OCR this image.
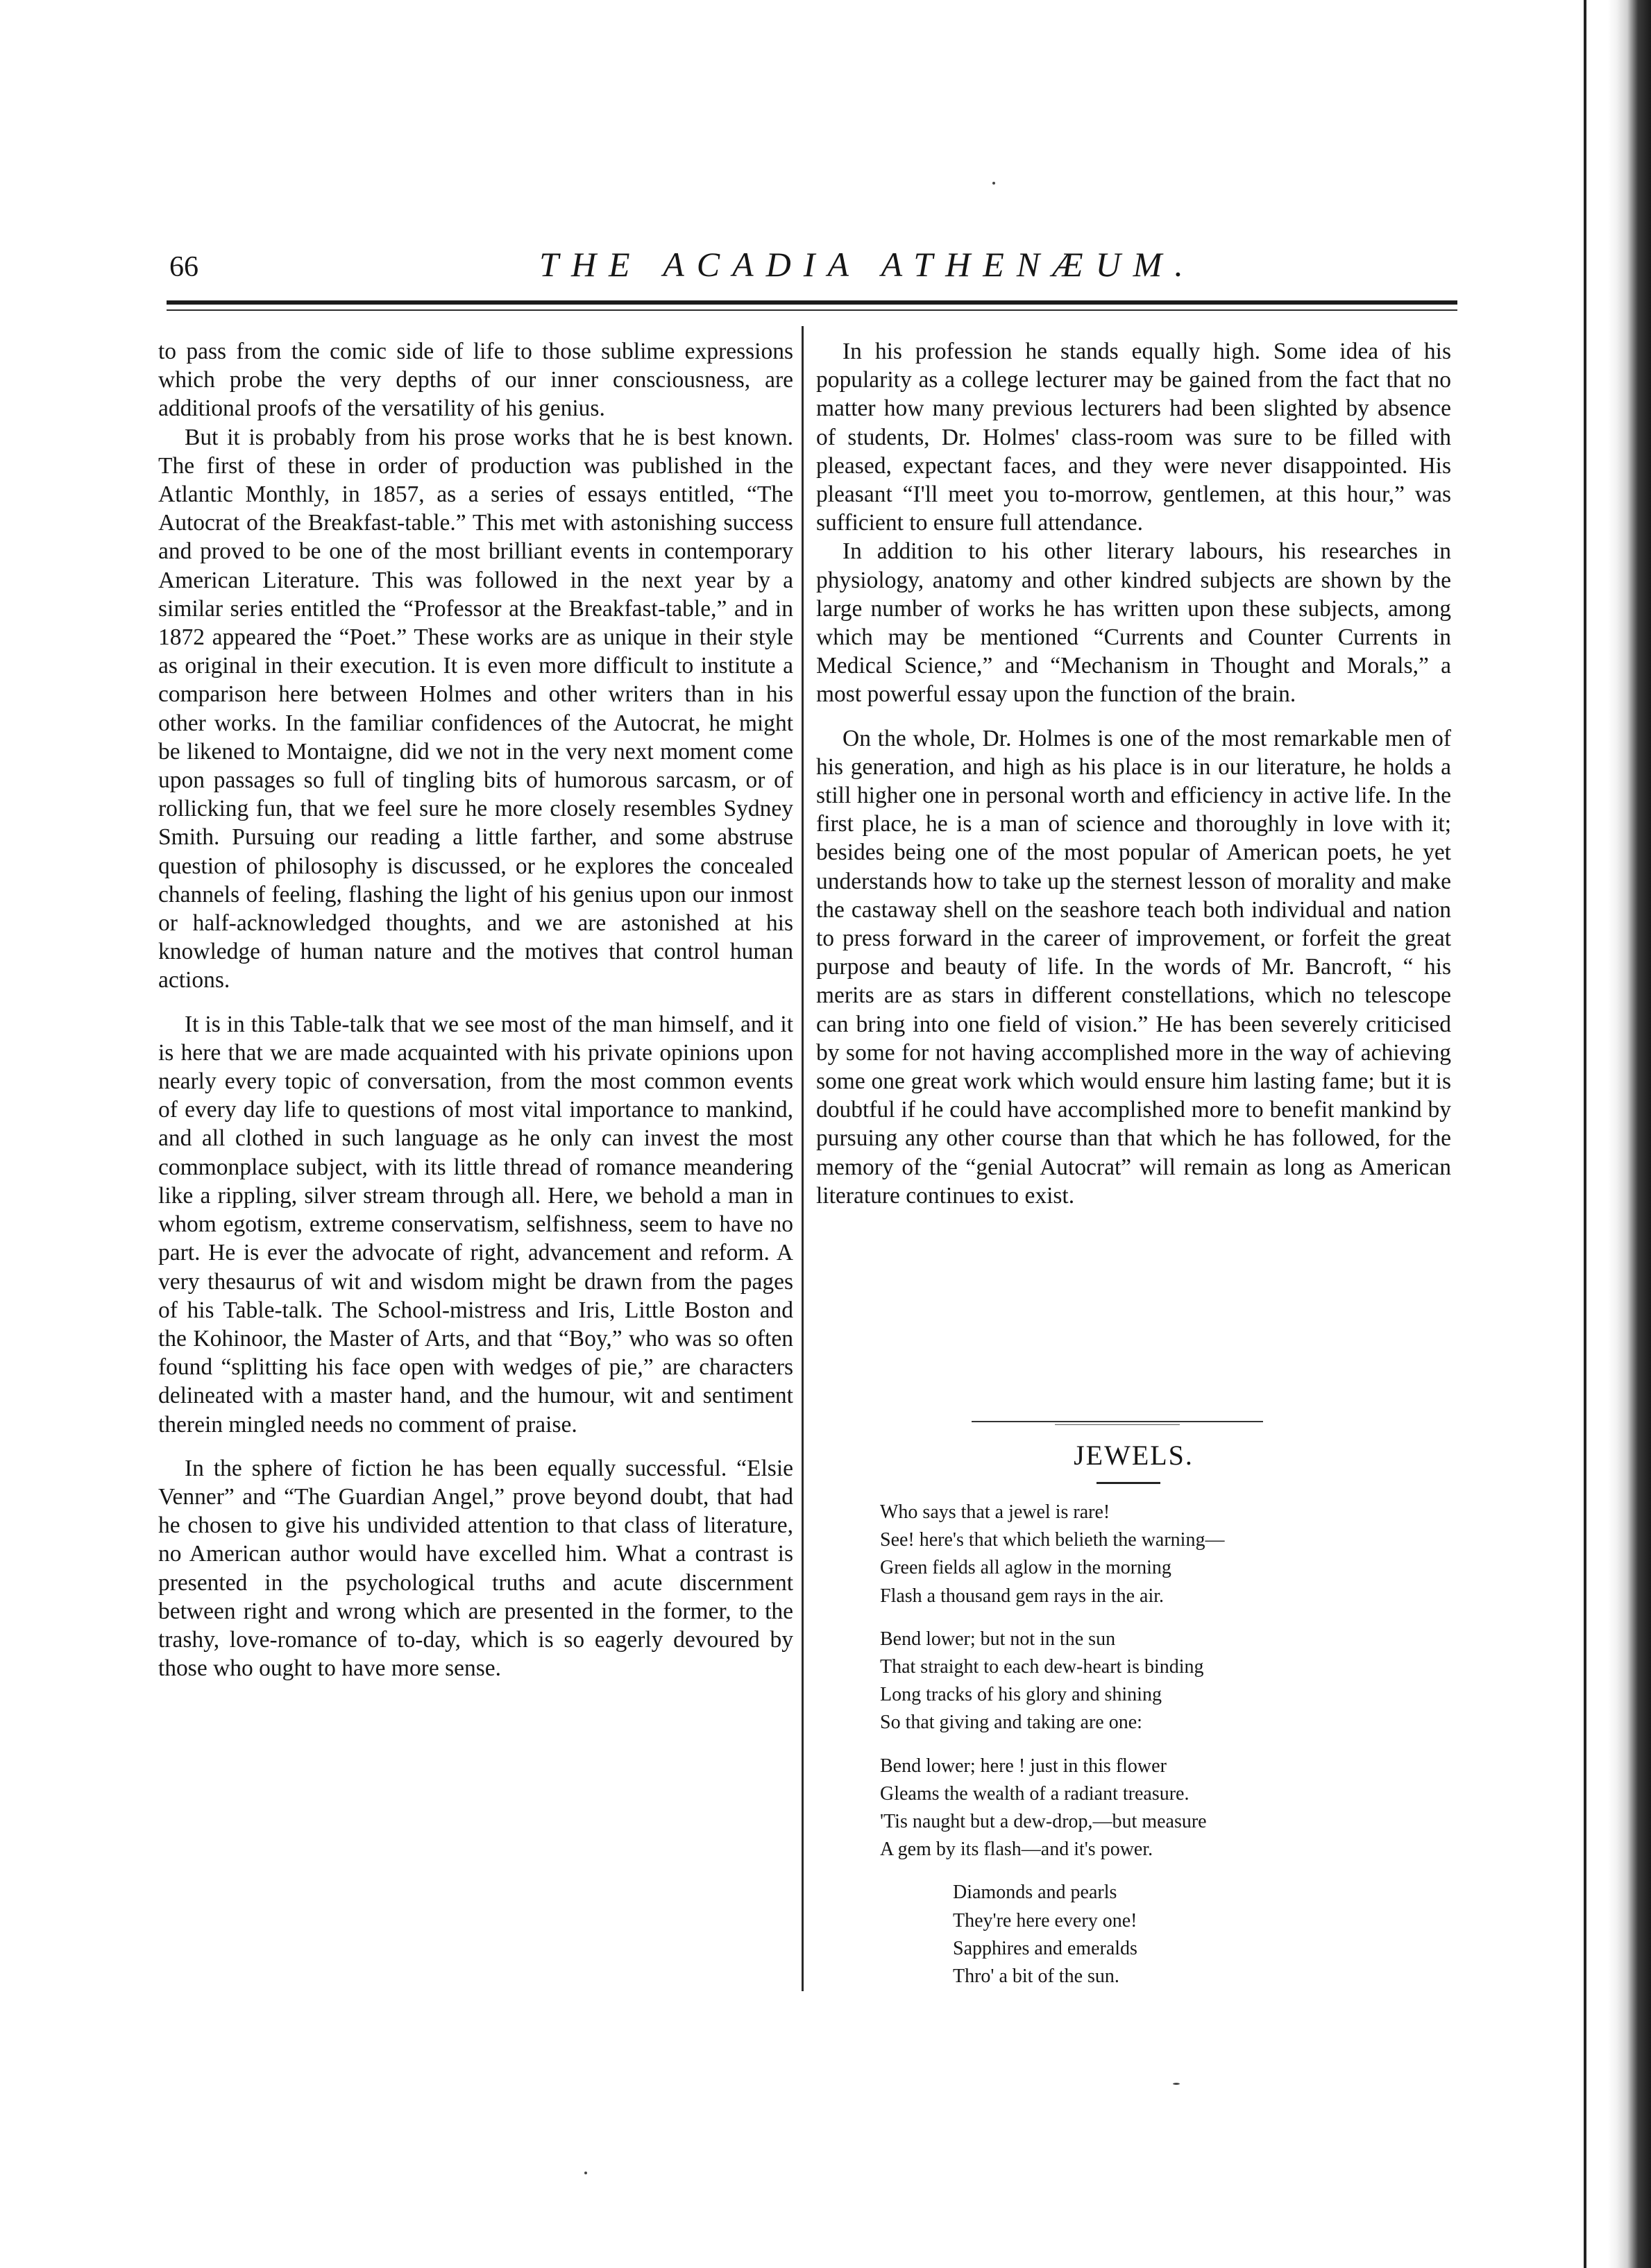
66	THE ACADIA ATHENÆUM.

to pass from the comic side of life to those sublime expressions which probe the very depths of our inner consciousness, are additional proofs of the versatility of his genius.

But it is probably from his prose works that he is best known. The first of these in order of production was published in the Atlantic Monthly, in 1857, as a series of essays entitled, “The Autocrat of the Breakfast-table.” This met with astonishing success and proved to be one of the most brilliant events in contemporary American Literature. This was followed in the next year by a similar series entitled the “Professor at the Breakfast-table,” and in 1872 appeared the “Poet.” These works are as unique in their style as original in their execution. It is even more difficult to institute a comparison here between Holmes and other writers than in his other works. In the familiar confidences of the Autocrat, he might be likened to Montaigne, did we not in the very next moment come upon passages so full of tingling bits of humorous sarcasm, or of rollicking fun, that we feel sure he more closely resembles Sydney Smith. Pursuing our reading a little farther, and some abstruse question of philosophy is discussed, or he explores the concealed channels of feeling, flashing the light of his genius upon our inmost or half-acknowledged thoughts, and we are astonished at his knowledge of human nature and the motives that control human actions.

It is in this Table-talk that we see most of the man himself, and it is here that we are made acquainted with his private opinions upon nearly every topic of conversation, from the most common events of every day life to questions of most vital importance to mankind, and all clothed in such language as he only can invest the most commonplace subject, with its little thread of romance meandering like a rippling, silver stream through all. Here, we behold a man in whom egotism, extreme conservatism, selfishness, seem to have no part. He is ever the advocate of right, advancement and reform. A very thesaurus of wit and wisdom might be drawn from the pages of his Table-talk. The School-mistress and Iris, Little Boston and the Kohinoor, the Master of Arts, and that “Boy,” who was so often found “splitting his face open with wedges of pie,” are characters delineated with a master hand, and the humour, wit and sentiment therein mingled needs no comment of praise.

In the sphere of fiction he has been equally successful. “Elsie Venner” and “The Guardian Angel,” prove beyond doubt, that had he chosen to give his undivided attention to that class of literature, no American author would have excelled him. What a contrast is presented in the psychological truths and acute discernment between right and wrong which are presented in the former, to the trashy, love-romance of to-day, which is so eagerly devoured by those who ought to have more sense.

In his profession he stands equally high. Some idea of his popularity as a college lecturer may be gained from the fact that no matter how many previous lecturers had been slighted by absence of students, Dr. Holmes' class-room was sure to be filled with pleased, expectant faces, and they were never disappointed. His pleasant “I'll meet you to-morrow, gentlemen, at this hour,” was sufficient to ensure full attendance.

In addition to his other literary labours, his researches in physiology, anatomy and other kindred subjects are shown by the large number of works he has written upon these subjects, among which may be mentioned “Currents and Counter Currents in Medical Science,” and “Mechanism in Thought and Morals,” a most powerful essay upon the function of the brain.

On the whole, Dr. Holmes is one of the most remarkable men of his generation, and high as his place is in our literature, he holds a still higher one in personal worth and efficiency in active life. In the first place, he is a man of science and thoroughly in love with it; besides being one of the most popular of American poets, he yet understands how to take up the sternest lesson of morality and make the castaway shell on the seashore teach both individual and nation to press forward in the career of improvement, or forfeit the great purpose and beauty of life. In the words of Mr. Bancroft, “ his merits are as stars in different constellations, which no telescope can bring into one field of vision.” He has been severely criticised by some for not having accomplished more in the way of achieving some one great work which would ensure him lasting fame; but it is doubtful if he could have accomplished more to benefit mankind by pursuing any other course than that which he has followed, for the memory of the “genial Autocrat” will remain as long as American literature continues to exist.

JEWELS.
Who says that a jewel is rare!
See! here's that which belieth the warning—
Green fields all aglow in the morning
Flash a thousand gem rays in the air.
Bend lower; but not in the sun
That straight to each dew-heart is binding
Long tracks of his glory and shining
So that giving and taking are one:
Bend lower; here ! just in this flower
Gleams the wealth of a radiant treasure.
'Tis naught but a dew-drop,—but measure
A gem by its flash—and it's power.
Diamonds and pearls
They're here every one!
Sapphires and emeralds
Thro' a bit of the sun.
